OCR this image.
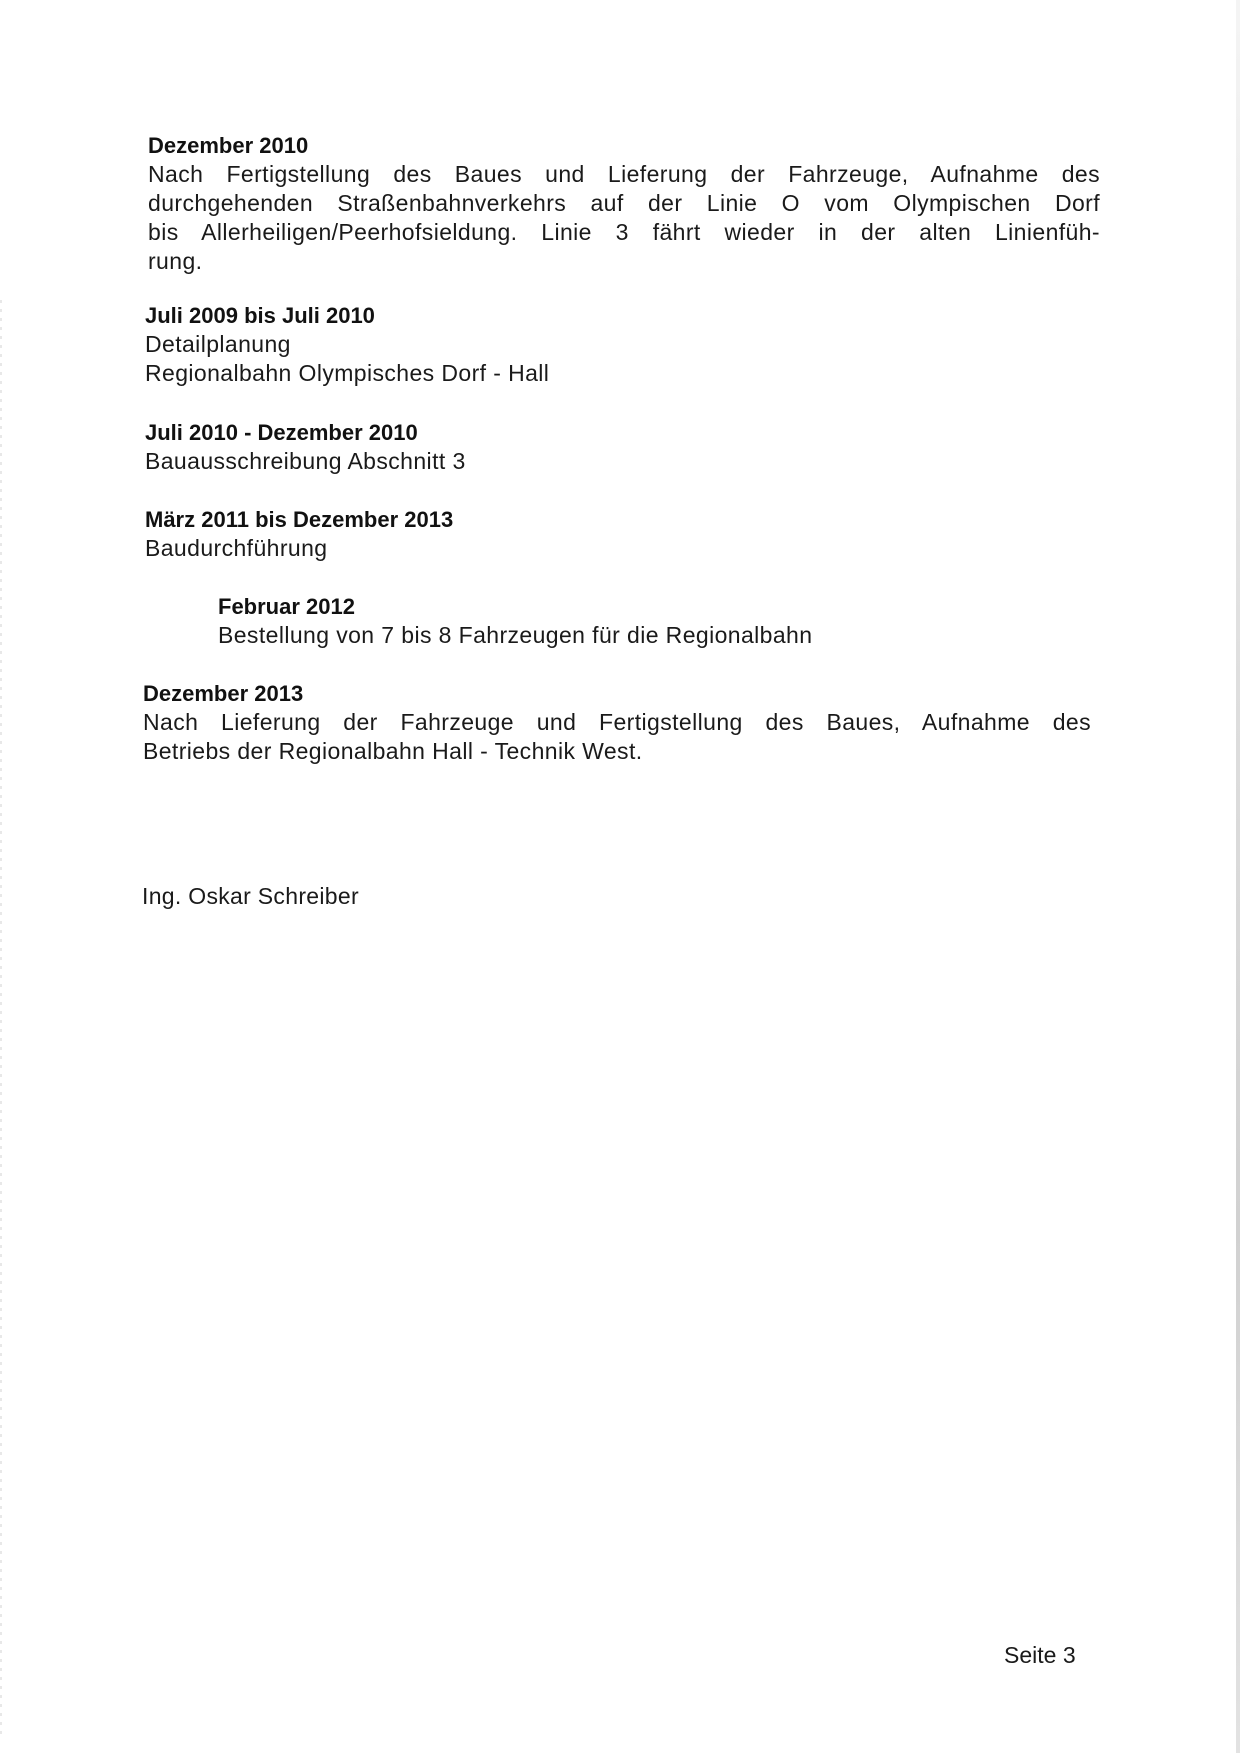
Dezember 2010

Nach Fertigstellung des Baues und Lieferung der Fahrzeuge, Aufnahme des

durchgehenden Straßenbahnverkehrs auf der Linie O vom Olympischen Dorf

bis Allerheiligen/Peerhofsieldung. Linie 3 fährt wieder in der alten Linienfüh-

rung.

Juli 2009 bis Juli 2010

Detailplanung

Regionalbahn Olympisches Dorf - Hall

Juli 2010 - Dezember 2010

Bauausschreibung Abschnitt 3

März 2011 bis Dezember 2013

Baudurchführung

Februar 2012

Bestellung von 7 bis 8 Fahrzeugen für die Regionalbahn

Dezember 2013

Nach Lieferung der Fahrzeuge und Fertigstellung des Baues, Aufnahme des

Betriebs der Regionalbahn Hall - Technik West.

Ing. Oskar Schreiber
Seite 3
